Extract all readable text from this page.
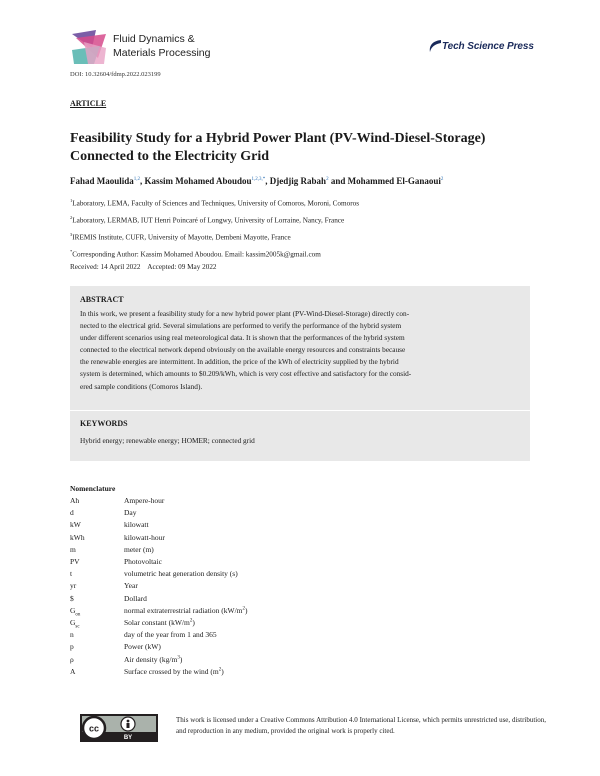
Fluid Dynamics &
Materials Processing
Tech Science Press
DOI: 10.32604/fdmp.2022.023199
ARTICLE
Feasibility Study for a Hybrid Power Plant (PV-Wind-Diesel-Storage) Connected to the Electricity Grid
Fahad Maoulida$^{1,2}$, Kassim Mohamed Aboudou$^{1,2,3,*}$, Djedjig Rabah$^2$ and Mohammed El-Ganaoui$^2$
$^1$Laboratory, LEMA, Faculty of Sciences and Techniques, University of Comoros, Moroni, Comoros
$^2$Laboratory, LERMAB, IUT Henri Poincaré of Longwy, University of Lorraine, Nancy, France
$^3$IREMIS Institute, CUFR, University of Mayotte, Dembeni Mayotte, France
*Corresponding Author: Kassim Mohamed Aboudou. Email: kassim2005k@gmail.com
Received: 14 April 2022    Accepted: 09 May 2022
ABSTRACT
In this work, we present a feasibility study for a new hybrid power plant (PV-Wind-Diesel-Storage) directly con-
nected to the electrical grid. Several simulations are performed to verify the performance of the hybrid system
under different scenarios using real meteorological data. It is shown that the performances of the hybrid system
connected to the electrical network depend obviously on the available energy resources and constraints because
the renewable energies are intermittent. In addition, the price of the kWh of electricity supplied by the hybrid
system is determined, which amounts to $0.209/kWh, which is very cost effective and satisfactory for the consid-
ered sample conditions (Comoros Island).
KEYWORDS
Hybrid energy; renewable energy; HOMER; connected grid
Nomenclature
Ah	Ampere-hour
d	Day
kW	kilowatt
kWh	kilowatt-hour
m	meter (m)
PV	Photovoltaic
t	volumetric heat generation density (s)
yr	Year
$	Dollard
$G_{on}$	normal extraterrestrial radiation $(kW/m^2)$
$G_{sc}$	Solar constant $(kW/m^2)$
n	day of the year from 1 and 365
p	Power (kW)
ρ	Air density $(kg/m^3)$
A	Surface crossed by the wind $(m^2)$
cc
BY
This work is licensed under a Creative Commons Attribution 4.0 International License, which permits unrestricted use, distribution, and reproduction in any medium, provided the original work is properly cited.
